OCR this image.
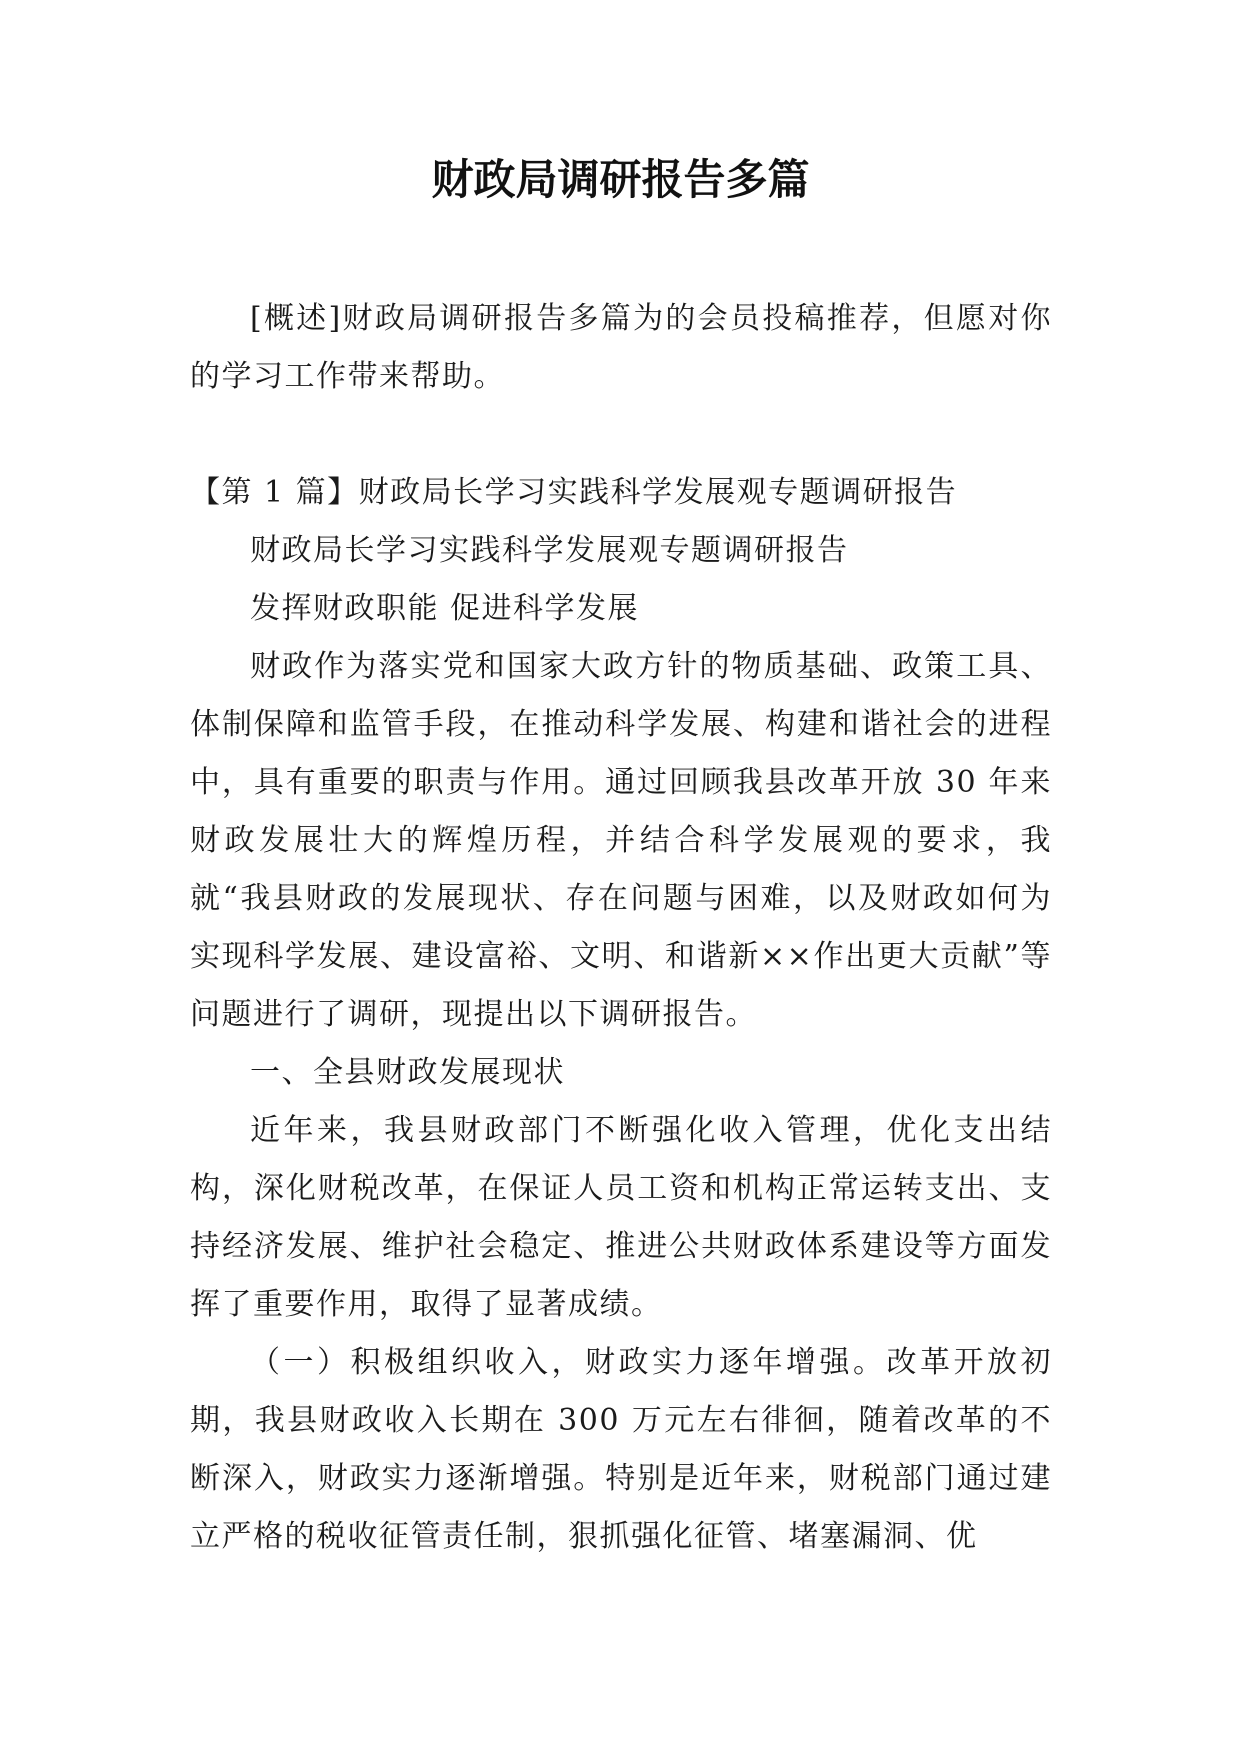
财政局调研报告多篇

[概述]财政局调研报告多篇为的会员投稿推荐，但愿对你的学习工作带来帮助。

【第 1 篇】财政局长学习实践科学发展观专题调研报告

财政局长学习实践科学发展观专题调研报告

发挥财政职能 促进科学发展

财政作为落实党和国家大政方针的物质基础、政策工具、体制保障和监管手段，在推动科学发展、构建和谐社会的进程中，具有重要的职责与作用。通过回顾我县改革开放 30 年来财政发展壮大的辉煌历程，并结合科学发展观的要求，我就“我县财政的发展现状、存在问题与困难，以及财政如何为实现科学发展、建设富裕、文明、和谐新××作出更大贡献”等问题进行了调研，现提出以下调研报告。

一、全县财政发展现状

近年来，我县财政部门不断强化收入管理，优化支出结构，深化财税改革，在保证人员工资和机构正常运转支出、支持经济发展、维护社会稳定、推进公共财政体系建设等方面发挥了重要作用，取得了显著成绩。

（一）积极组织收入，财政实力逐年增强。改革开放初期，我县财政收入长期在 300 万元左右徘徊，随着改革的不断深入，财政实力逐渐增强。特别是近年来，财税部门通过建立严格的税收征管责任制，狠抓强化征管、堵塞漏洞、优
